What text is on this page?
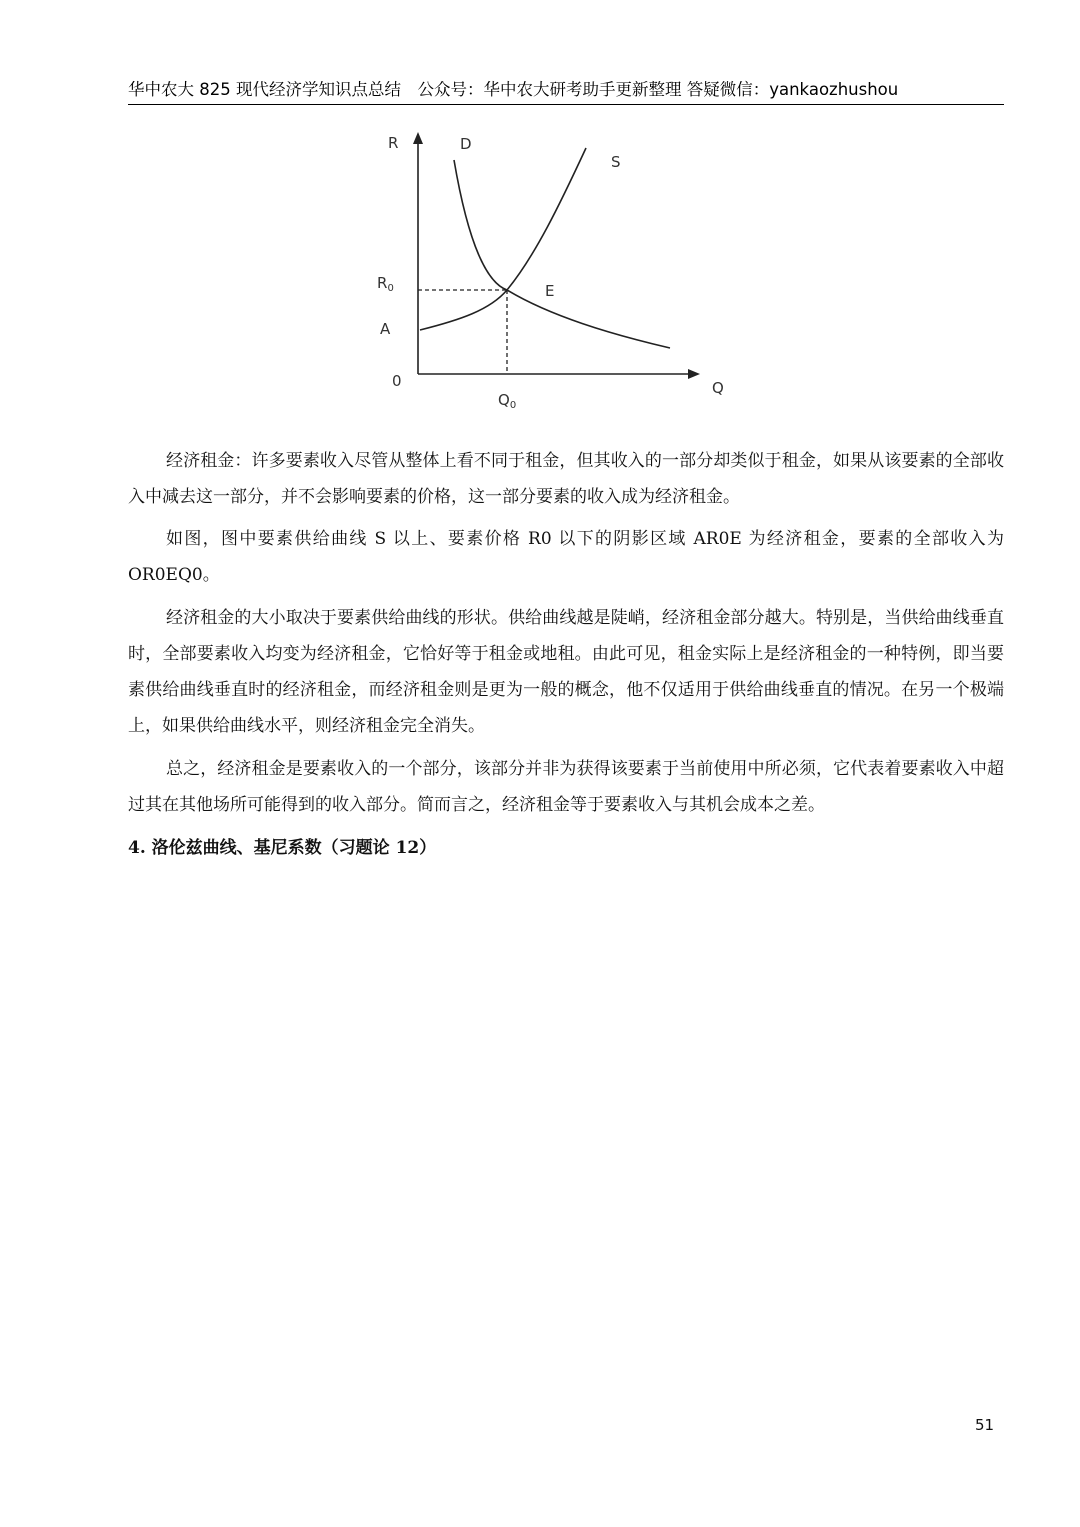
华中农大 825 现代经济学知识点总结　公众号：华中农大研考助手更新整理 答疑微信：yankaozhushou
R	D
S
$R_0$	E
A
0
$Q_0$
Q

经济租金：许多要素收入尽管从整体上看不同于租金，但其收入的一部分却类似于租金，如果从该要素的全部收入中减去这一部分，并不会影响要素的价格，这一部分要素的收入成为经济租金。

如图，图中要素供给曲线 S 以上、要素价格 R0 以下的阴影区域 AR0E 为经济租金，要素的全部收入为 OR0EQ0。

经济租金的大小取决于要素供给曲线的形状。供给曲线越是陡峭，经济租金部分越大。特别是，当供给曲线垂直时，全部要素收入均变为经济租金，它恰好等于租金或地租。由此可见，租金实际上是经济租金的一种特例，即当要素供给曲线垂直时的经济租金，而经济租金则是更为一般的概念，他不仅适用于供给曲线垂直的情况。在另一个极端上，如果供给曲线水平，则经济租金完全消失。

总之，经济租金是要素收入的一个部分，该部分并非为获得该要素于当前使用中所必须，它代表着要素收入中超过其在其他场所可能得到的收入部分。简而言之，经济租金等于要素收入与其机会成本之差。

4. 洛伦兹曲线、基尼系数（习题论 12）

51
